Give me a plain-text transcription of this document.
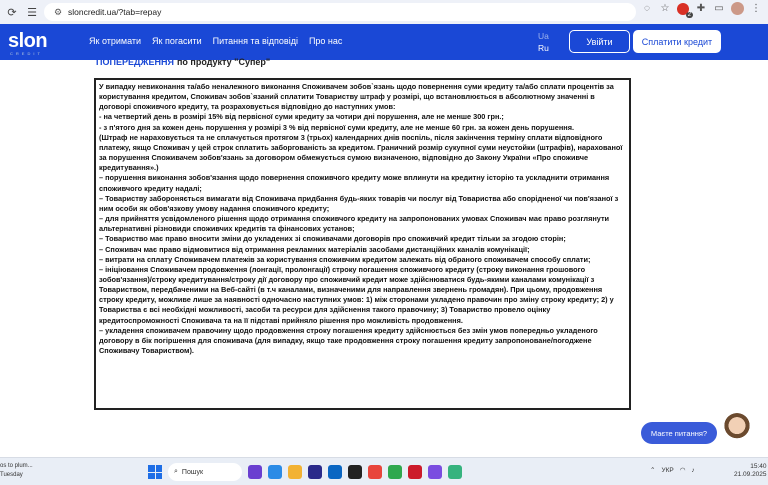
⟳ ☰	⚙ sloncredit.ua/?tab=repay	◌	☆
2
✚ ▭	⋮
slon
CREDIT
Як отримати Як погасити Питання та відповіді Про нас	Ua
Ru
Увійти	Сплатити кредит
ПОПЕРЕДЖЕННЯ по продукту "Супер"

У випадку невиконання та/або неналежного виконання Споживачем зобов`язань щодо повернення суми кредиту та/або сплати процентів за користування кредитом, Споживач зобов`язаний сплатити Товариству штраф у розмірі, що встановлюється в абсолютному значенні в договорі споживчого кредиту, та розраховується відповідно до наступних умов:

- на четвертий день в розмірі 15% від первісної суми кредиту за чотири дні порушення, але не менше 300 грн.;

- з п'ятого дня за кожен день порушення у розмірі 3 % від первісної суми кредиту, але не менше 60 грн. за кожен день порушення.

(Штраф не нараховується та не сплачується протягом 3 (трьох) календарних днів поспіль, після закінчення терміну сплати відповідного платежу, якщо Споживач у цей строк сплатить заборгованість за кредитом. Граничний розмір сукупної суми неустойки (штрафів), нарахованої за порушення Споживачем зобов'язань за договором обмежується сумою визначеною, відповідно до Закону України «Про споживче кредитування».)

– порушення виконання зобов'язання щодо повернення споживчого кредиту може вплинути на кредитну історію та ускладнити отримання споживчого кредиту надалі;

– Товариству забороняється вимагати від Споживача придбання будь-яких товарів чи послуг від Товариства або спорідненої чи пов'язаної з ним особи як обов'язкову умову надання споживчого кредиту;

– для прийняття усвідомленого рішення щодо отримання споживчого кредиту на запропонованих умовах Споживач має право розглянути альтернативні різновиди споживчих кредитів та фінансових установ;

– Товариство має право вносити зміни до укладених зі споживачами договорів про споживчий кредит тільки за згодою сторін;

– Споживач має право відмовитися від отримання рекламних матеріалів засобами дистанційних каналів комунікації;

– витрати на сплату Споживачем платежів за користування споживчим кредитом залежать від обраного споживачем способу сплати;

– ініціювання Споживачем продовження (лонгації, пролонгації) строку погашення споживчого кредиту (строку виконання грошового зобов'язання)/строку кредитування/строку дії договору про споживчий кредит може здійснюватися будь-якими каналами комунікації з Товариством, передбаченими на Веб-сайті (в т.ч каналами, визначеними для направлення звернень громадян). При цьому, продовження строку кредиту, можливе лише за наявності одночасно наступних умов: 1) між сторонами укладено правочин про зміну строку кредиту; 2) у Товариства є всі необхідні можливості, засоби та ресурси для здійснення такого правочину; 3) Товариство провело оцінку кредитоспроможності Споживача та на її підставі прийняло рішення про можливість продовження.

– укладення споживачем правочину щодо продовження строку погашення кредиту здійснюється без змін умов попередньо укладеного договору в бік погіршення для споживача (для випадку, якщо таке продовження строку погашення кредиту запропоноване/погоджене Споживачу Товариством).

Маєте питання?
os to plum...
Tuesday	⌕ Пошук	⌃ УКР ◠ ♪	15:40
21.09.2025
